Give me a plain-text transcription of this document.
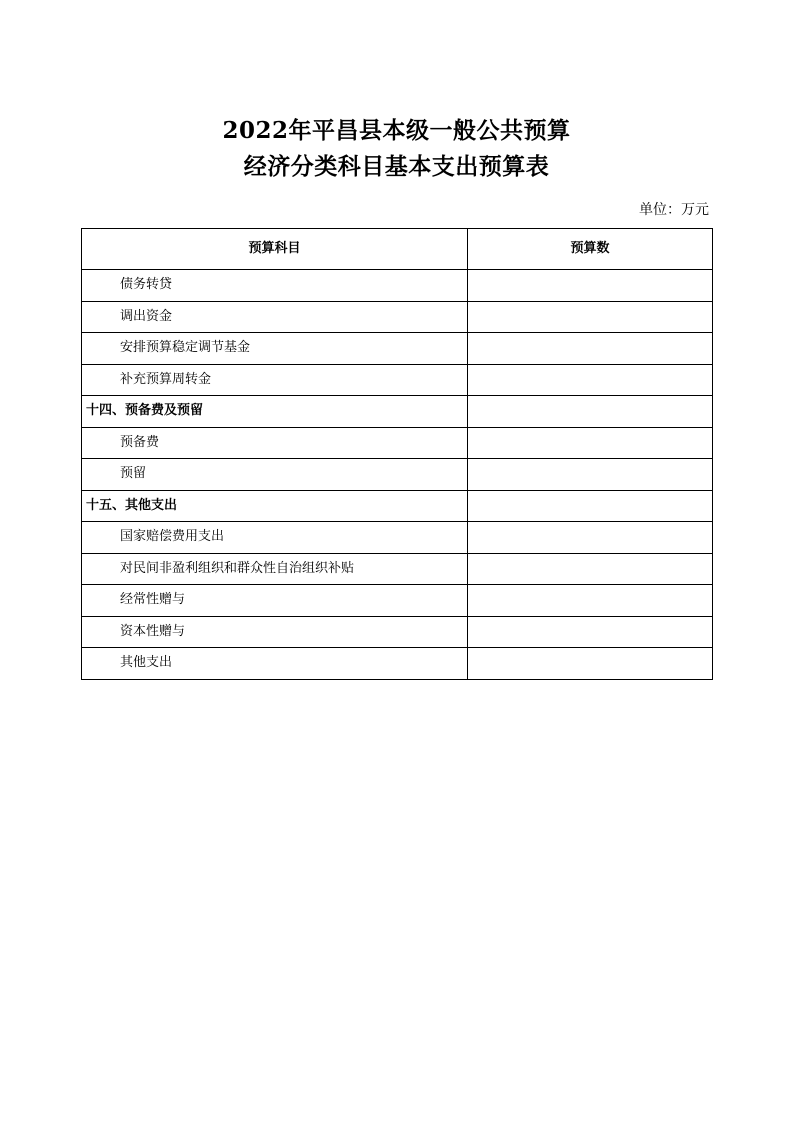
2022年平昌县本级一般公共预算
经济分类科目基本支出预算表
单位：万元
预算科目	预算数
债务转贷	
调出资金	
安排预算稳定调节基金	
补充预算周转金	
十四、预备费及预留	
预备费	
预留	
十五、其他支出	
国家赔偿费用支出	
对民间非盈利组织和群众性自治组织补贴	
经常性赠与	
资本性赠与	
其他支出	
